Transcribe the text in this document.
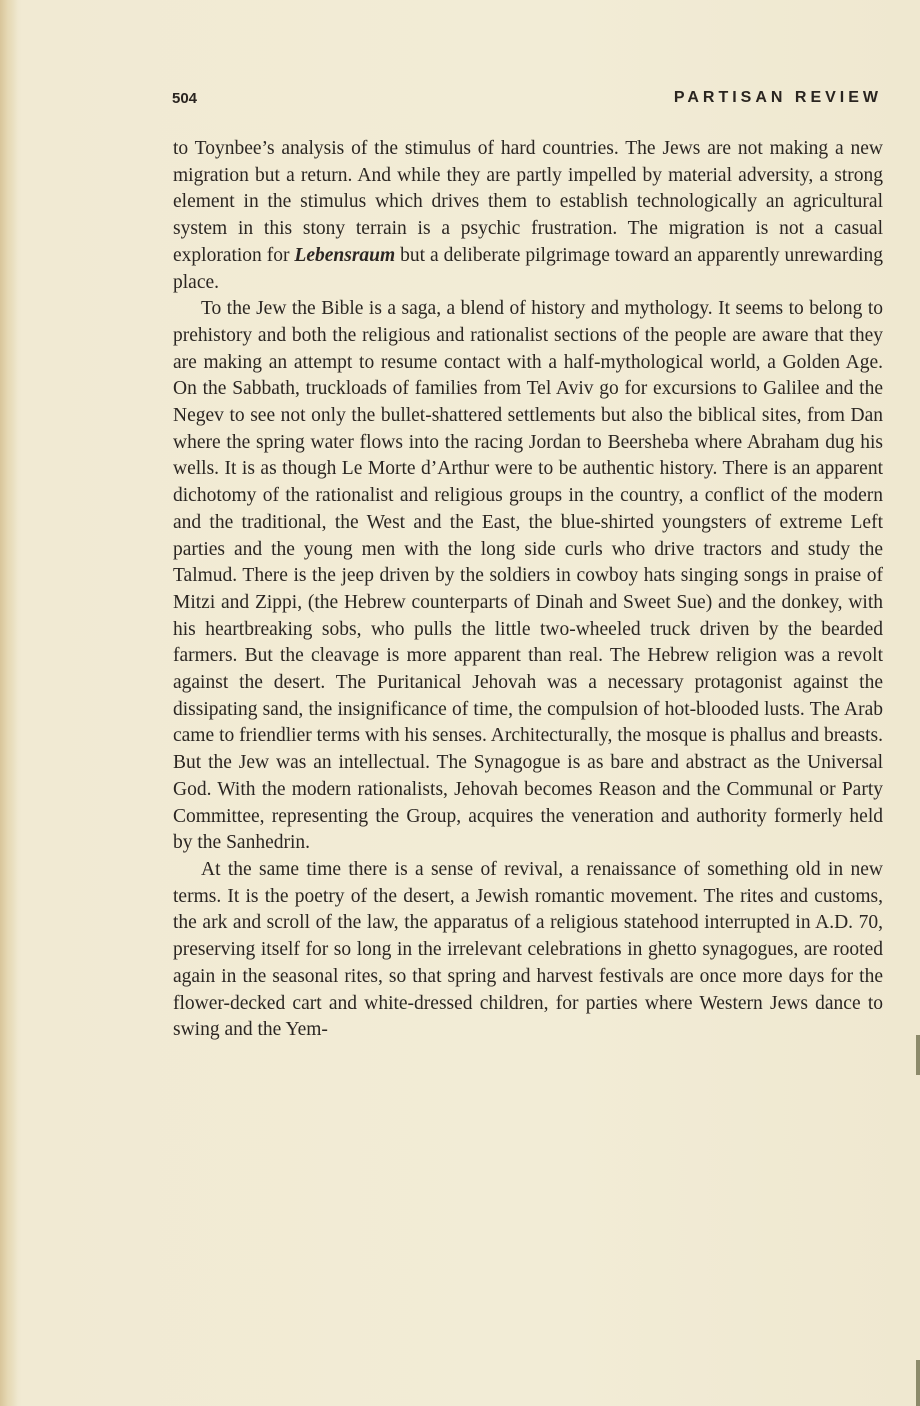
504	PARTISAN REVIEW

to Toynbee’s analysis of the stimulus of hard countries. The Jews are not making a new migration but a return. And while they are partly impelled by material adversity, a strong element in the stimulus which drives them to establish technologically an agricultural system in this stony terrain is a psychic frustration. The migration is not a casual exploration for Lebensraum but a deliberate pilgrimage toward an apparently unrewarding place.

To the Jew the Bible is a saga, a blend of history and mythology. It seems to belong to prehistory and both the religious and rationalist sections of the people are aware that they are making an attempt to resume contact with a half-mythological world, a Golden Age. On the Sabbath, truckloads of families from Tel Aviv go for excursions to Galilee and the Negev to see not only the bullet-shattered settlements but also the biblical sites, from Dan where the spring water flows into the racing Jordan to Beersheba where Abraham dug his wells. It is as though Le Morte d’Arthur were to be authentic history. There is an apparent dichotomy of the rationalist and religious groups in the country, a conflict of the modern and the traditional, the West and the East, the blue-shirted youngsters of extreme Left parties and the young men with the long side curls who drive tractors and study the Talmud. There is the jeep driven by the soldiers in cowboy hats singing songs in praise of Mitzi and Zippi, (the Hebrew counterparts of Dinah and Sweet Sue) and the donkey, with his heartbreaking sobs, who pulls the little two-wheeled truck driven by the bearded farmers. But the cleavage is more apparent than real. The Hebrew religion was a revolt against the desert. The Puritanical Jehovah was a necessary protagonist against the dissipating sand, the insignificance of time, the compulsion of hot-blooded lusts. The Arab came to friendlier terms with his senses. Architecturally, the mosque is phallus and breasts. But the Jew was an intellectual. The Synagogue is as bare and abstract as the Universal God. With the modern rationalists, Jehovah becomes Reason and the Communal or Party Committee, representing the Group, acquires the veneration and authority formerly held by the Sanhedrin.

At the same time there is a sense of revival, a renaissance of something old in new terms. It is the poetry of the desert, a Jewish romantic movement. The rites and customs, the ark and scroll of the law, the apparatus of a religious statehood interrupted in A.D. 70, preserving itself for so long in the irrelevant celebrations in ghetto synagogues, are rooted again in the seasonal rites, so that spring and harvest festivals are once more days for the flower-decked cart and white-dressed children, for parties where Western Jews dance to swing and the Yem-
